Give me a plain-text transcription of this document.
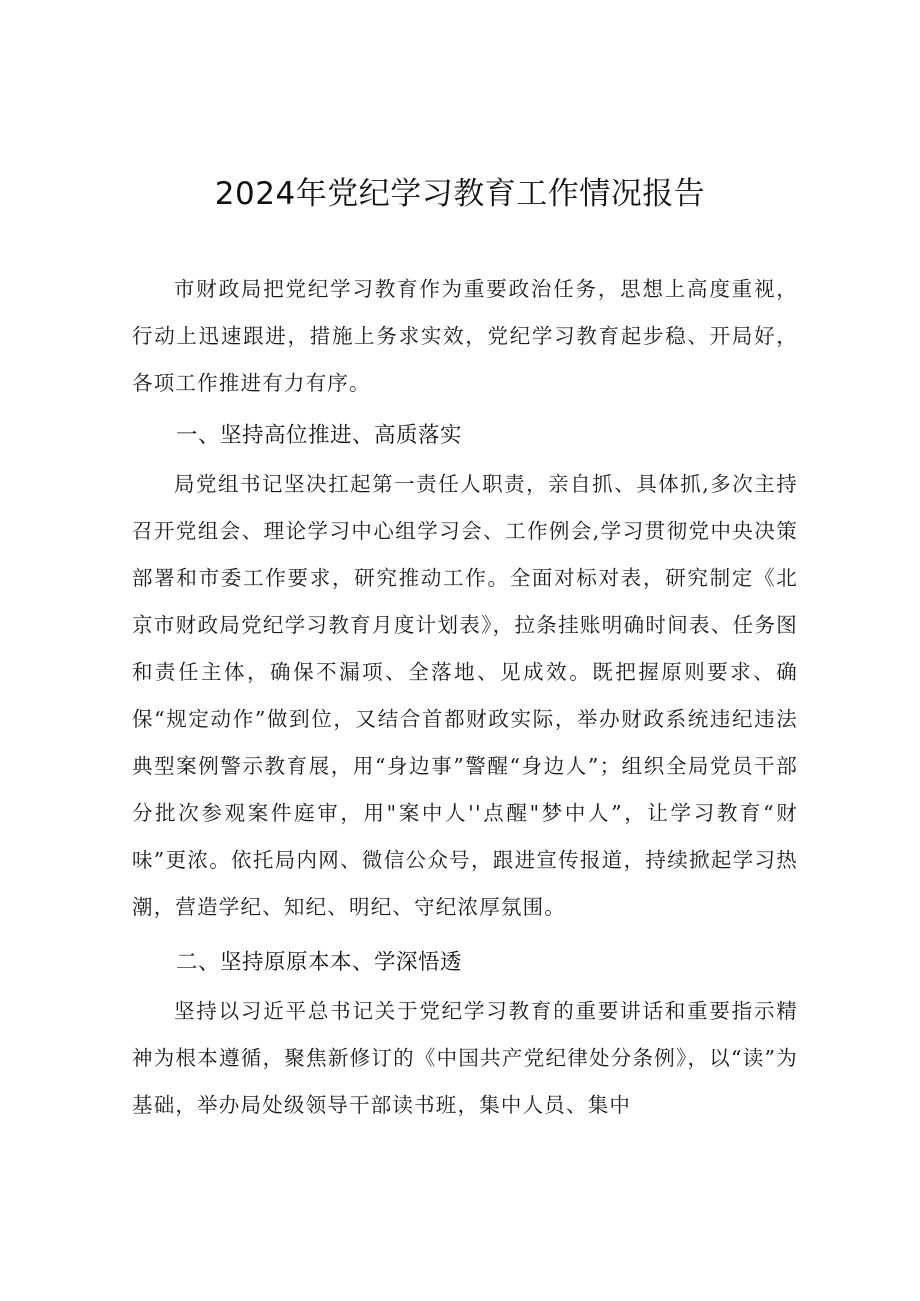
2024年党纪学习教育工作情况报告

市财政局把党纪学习教育作为重要政治任务，思想上高度重视，行动上迅速跟进，措施上务求实效，党纪学习教育起步稳、开局好，各项工作推进有力有序。

一、坚持高位推进、高质落实

局党组书记坚决扛起第一责任人职责，亲自抓、具体抓,多次主持召开党组会、理论学习中心组学习会、工作例会,学习贯彻党中央决策部署和市委工作要求，研究推动工作。全面对标对表，研究制定《北京市财政局党纪学习教育月度计划表》，拉条挂账明确时间表、任务图和责任主体，确保不漏项、全落地、见成效。既把握原则要求、确保“规定动作”做到位，又结合首都财政实际，举办财政系统违纪违法典型案例警示教育展，用“身边事”警醒“身边人”；组织全局党员干部分批次参观案件庭审，用"案中人''点醒"梦中人”，让学习教育“财味”更浓。依托局内网、微信公众号，跟进宣传报道，持续掀起学习热潮，营造学纪、知纪、明纪、守纪浓厚氛围。

二、坚持原原本本、学深悟透

坚持以习近平总书记关于党纪学习教育的重要讲话和重要指示精神为根本遵循，聚焦新修订的《中国共产党纪律处分条例》，以“读”为基础，举办局处级领导干部读书班，集中人员、集中
